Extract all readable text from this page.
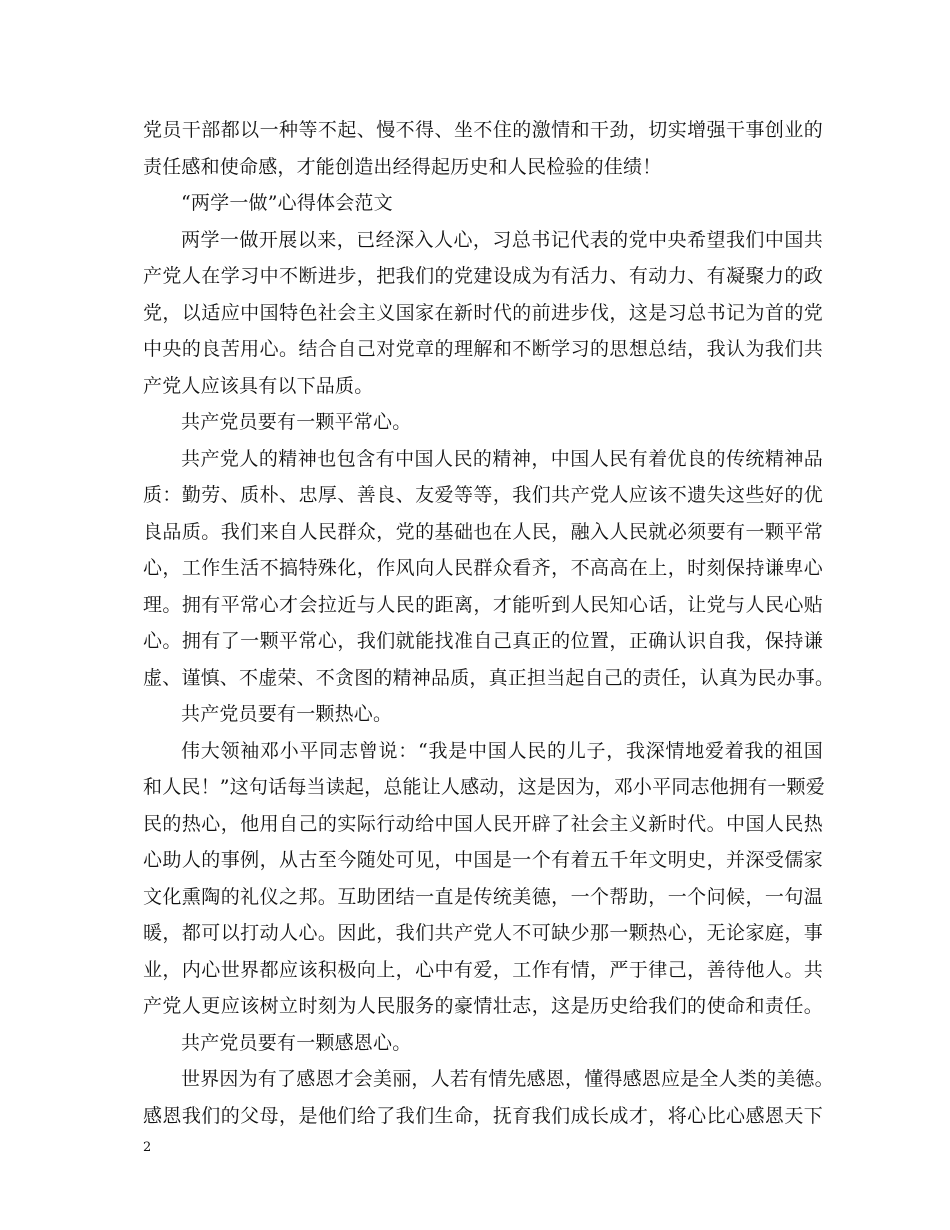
党员干部都以一种等不起、慢不得、坐不住的激情和干劲，切实增强干事创业的
责任感和使命感，才能创造出经得起历史和人民检验的佳绩！
“两学一做”心得体会范文
两学一做开展以来，已经深入人心，习总书记代表的党中央希望我们中国共
产党人在学习中不断进步，把我们的党建设成为有活力、有动力、有凝聚力的政
党，以适应中国特色社会主义国家在新时代的前进步伐，这是习总书记为首的党
中央的良苦用心。结合自己对党章的理解和不断学习的思想总结，我认为我们共
产党人应该具有以下品质。
共产党员要有一颗平常心。
共产党人的精神也包含有中国人民的精神，中国人民有着优良的传统精神品
质：勤劳、质朴、忠厚、善良、友爱等等，我们共产党人应该不遗失这些好的优
良品质。我们来自人民群众，党的基础也在人民，融入人民就必须要有一颗平常
心，工作生活不搞特殊化，作风向人民群众看齐，不高高在上，时刻保持谦卑心
理。拥有平常心才会拉近与人民的距离，才能听到人民知心话，让党与人民心贴
心。拥有了一颗平常心，我们就能找准自己真正的位置，正确认识自我，保持谦
虚、谨慎、不虚荣、不贪图的精神品质，真正担当起自己的责任，认真为民办事。
共产党员要有一颗热心。
伟大领袖邓小平同志曾说：“我是中国人民的儿子，我深情地爱着我的祖国
和人民！”这句话每当读起，总能让人感动，这是因为，邓小平同志他拥有一颗爱
民的热心，他用自己的实际行动给中国人民开辟了社会主义新时代。中国人民热
心助人的事例，从古至今随处可见，中国是一个有着五千年文明史，并深受儒家
文化熏陶的礼仪之邦。互助团结一直是传统美德，一个帮助，一个问候，一句温
暖，都可以打动人心。因此，我们共产党人不可缺少那一颗热心，无论家庭，事
业，内心世界都应该积极向上，心中有爱，工作有情，严于律己，善待他人。共
产党人更应该树立时刻为人民服务的豪情壮志，这是历史给我们的使命和责任。
共产党员要有一颗感恩心。
世界因为有了感恩才会美丽，人若有情先感恩，懂得感恩应是全人类的美德。
感恩我们的父母，是他们给了我们生命，抚育我们成长成才，将心比心感恩天下
2
